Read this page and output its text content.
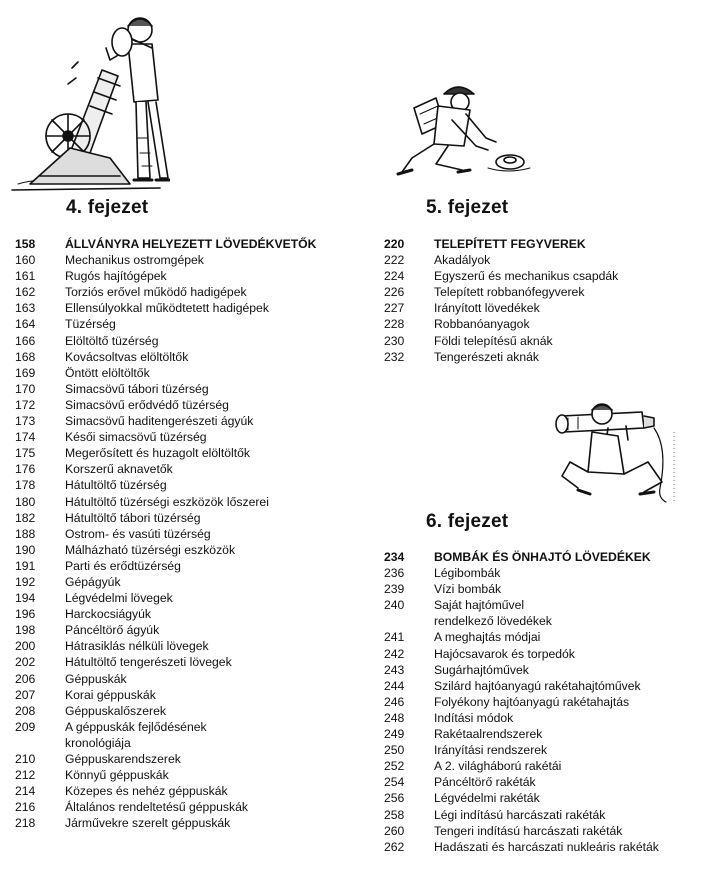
4. fejezet
158	ÁLLVÁNYRA HELYEZETT LÖVEDÉKVETŐK
160	Mechanikus ostromgépek
161	Rugós hajítógépek
162	Torziós erővel működő hadigépek
163	Ellensúlyokkal működtetett hadigépek
164	Tüzérség
166	Elöltöltő tüzérség
168	Kovácsoltvas elöltöltők
169	Öntött elöltöltők
170	Simacsövű tábori tüzérség
172	Simacsövű erődvédő tüzérség
173	Simacsövű haditengerészeti ágyúk
174	Késői simacsövű tüzérség
175	Megerősített és huzagolt elöltöltők
176	Korszerű aknavetők
178	Hátultöltő tüzérség
180	Hátultöltő tüzérségi eszközök lőszerei
182	Hátultöltő tábori tüzérség
188	Ostrom- és vasúti tüzérség
190	Málházható tüzérségi eszközök
191	Parti és erődtüzérség
192	Gépágyúk
194	Légvédelmi lövegek
196	Harckocsiágyúk
198	Páncéltörő ágyúk
200	Hátrasiklás nélküli lövegek
202	Hátultöltő tengerészeti lövegek
206	Géppuskák
207	Korai géppuskák
208	Géppuskalőszerek
209	A géppuskák fejlődésének
kronológiája
210	Géppuskarendszerek
212	Könnyű géppuskák
214	Közepes és nehéz géppuskák
216	Általános rendeltetésű géppuskák
218	Járművekre szerelt géppuskák
5. fejezet
220	TELEPÍTETT FEGYVEREK
222	Akadályok
224	Egyszerű és mechanikus csapdák
226	Telepített robbanófegyverek
227	Irányított lövedékek
228	Robbanóanyagok
230	Földi telepítésű aknák
232	Tengerészeti aknák
6. fejezet
234	BOMBÁK ÉS ÖNHAJTÓ LÖVEDÉKEK
236	Légibombák
239	Vízi bombák
240	Saját hajtóművel
rendelkező lövedékek
241	A meghajtás módjai
242	Hajócsavarok és torpedók
243	Sugárhajtóművek
244	Szilárd hajtóanyagú rakétahajtóművek
246	Folyékony hajtóanyagú rakétahajtás
248	Indítási módok
249	Rakétaalrendszerek
250	Irányítási rendszerek
252	A 2. világháború rakétái
254	Páncéltörő rakéták
256	Légvédelmi rakéták
258	Légi indítású harcászati rakéták
260	Tengeri indítású harcászati rakéták
262	Hadászati és harcászati nukleáris rakéták
